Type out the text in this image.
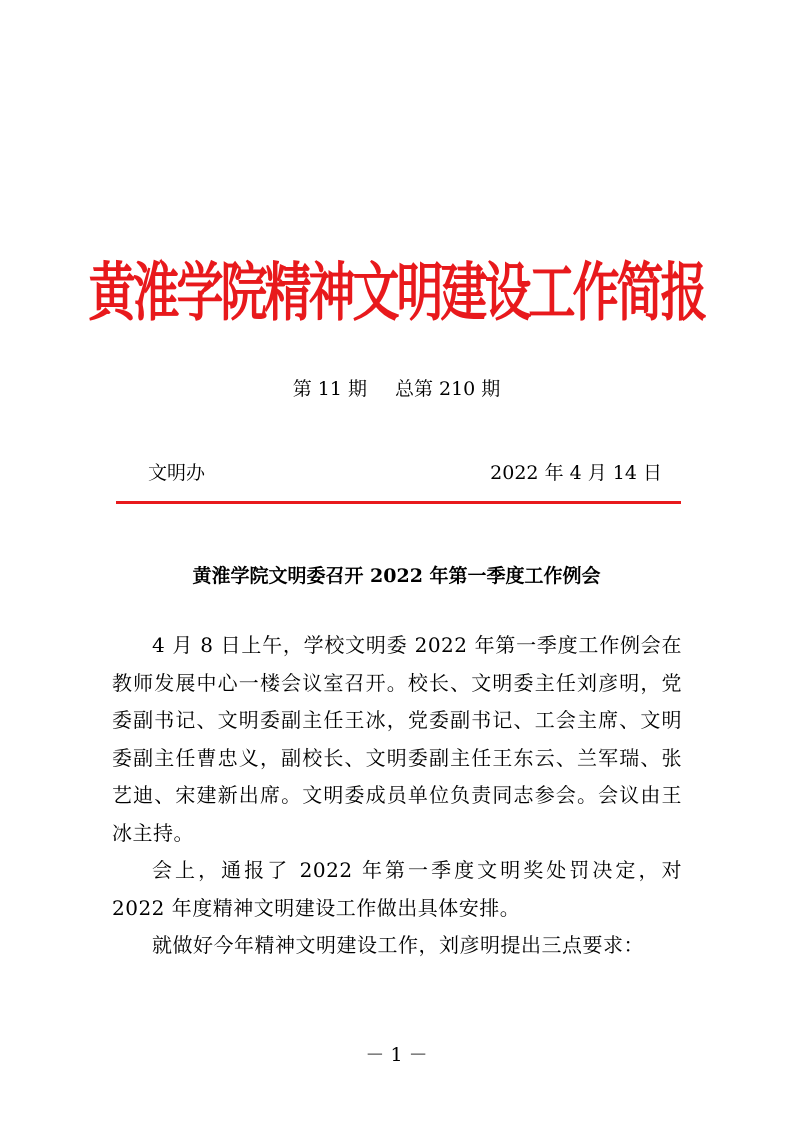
黄淮学院精神文明建设工作简报
第 11 期 总第 210 期
文明办	2022 年 4 月 14 日
黄淮学院文明委召开 2022 年第一季度工作例会

4 月 8 日上午，学校文明委 2022 年第一季度工作例会在教师发展中心一楼会议室召开。校长、文明委主任刘彦明，党委副书记、文明委副主任王冰，党委副书记、工会主席、文明委副主任曹忠义，副校长、文明委副主任王东云、兰军瑞、张艺迪、宋建新出席。文明委成员单位负责同志参会。会议由王冰主持。

会上，通报了 2022 年第一季度文明奖处罚决定，对 2022 年度精神文明建设工作做出具体安排。

就做好今年精神文明建设工作，刘彦明提出三点要求：

－ 1 －
